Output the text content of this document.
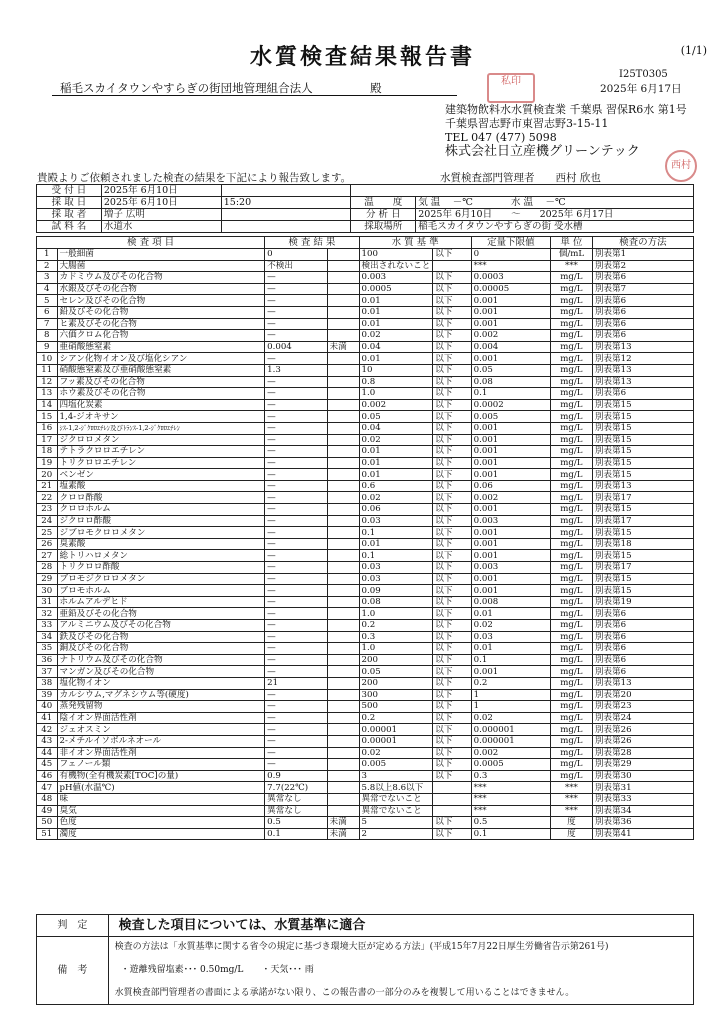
水質検査結果報告書	(1/1)
稲毛スカイタウンやすらぎの街団地管理組合法人　　　　　殿	私印
I25T0305
2025年 6月17日
建築物飲料水水質検査業 千葉県 習保R6水 第1号
千葉県習志野市東習志野3-15-11
TEL 047 (477) 5098
株式会社日立産機グリーンテック
西村
貴殿よりご依頼されました検査の結果を下記により報告致します。	水質検査部門管理者　　西村 欣也
受 付 日	2025年 6月10日			
採 取 日	2025年 6月10日	15:20	温　　度	気 温　 －℃　　　　 水 温　 －℃
採 取 者	増子 広明		分 析 日	2025年 6月10日　　～　　2025年 6月17日
試 料 名	水道水		採取場所	稲毛スカイタウンやすらぎの街 受水槽
検 査 項 目		検 査 結 果		水 質 基 準		定量下限値	単 位	検査の方法
1	一般細菌	0		100	以下	0	個/mL	別表第1
2	大腸菌	不検出		検出されないこと		***	***	別表第2
3	カドミウム及びその化合物	—		0.003	以下	0.0003	mg/L	別表第6
4	水銀及びその化合物	—		0.0005	以下	0.00005	mg/L	別表第7
5	セレン及びその化合物	—		0.01	以下	0.001	mg/L	別表第6
6	鉛及びその化合物	—		0.01	以下	0.001	mg/L	別表第6
7	ヒ素及びその化合物	—		0.01	以下	0.001	mg/L	別表第6
8	六価クロム化合物	—		0.02	以下	0.002	mg/L	別表第6
9	亜硝酸態窒素	0.004	未満	0.04	以下	0.004	mg/L	別表第13
10	シアン化物イオン及び塩化シアン	—		0.01	以下	0.001	mg/L	別表第12
11	硝酸態窒素及び亜硝酸態窒素	1.3		10	以下	0.05	mg/L	別表第13
12	フッ素及びその化合物	—		0.8	以下	0.08	mg/L	別表第13
13	ホウ素及びその化合物	—		1.0	以下	0.1	mg/L	別表第6
14	四塩化炭素	—		0.002	以下	0.0002	mg/L	別表第15
15	1,4-ジオキサン	—		0.05	以下	0.005	mg/L	別表第15
16	ｼｽ-1,2-ｼﾞｸﾛﾛｴﾁﾚﾝ及びﾄﾗﾝｽ-1,2-ｼﾞｸﾛﾛｴﾁﾚﾝ	—		0.04	以下	0.001	mg/L	別表第15
17	ジクロロメタン	—		0.02	以下	0.001	mg/L	別表第15
18	テトラクロロエチレン	—		0.01	以下	0.001	mg/L	別表第15
19	トリクロロエチレン	—		0.01	以下	0.001	mg/L	別表第15
20	ベンゼン	—		0.01	以下	0.001	mg/L	別表第15
21	塩素酸	—		0.6	以下	0.06	mg/L	別表第13
22	クロロ酢酸	—		0.02	以下	0.002	mg/L	別表第17
23	クロロホルム	—		0.06	以下	0.001	mg/L	別表第15
24	ジクロロ酢酸	—		0.03	以下	0.003	mg/L	別表第17
25	ジブロモクロロメタン	—		0.1	以下	0.001	mg/L	別表第15
26	臭素酸	—		0.01	以下	0.001	mg/L	別表第18
27	総トリハロメタン	—		0.1	以下	0.001	mg/L	別表第15
28	トリクロロ酢酸	—		0.03	以下	0.003	mg/L	別表第17
29	ブロモジクロロメタン	—		0.03	以下	0.001	mg/L	別表第15
30	ブロモホルム	—		0.09	以下	0.001	mg/L	別表第15
31	ホルムアルデヒド	—		0.08	以下	0.008	mg/L	別表第19
32	亜鉛及びその化合物	—		1.0	以下	0.01	mg/L	別表第6
33	アルミニウム及びその化合物	—		0.2	以下	0.02	mg/L	別表第6
34	鉄及びその化合物	—		0.3	以下	0.03	mg/L	別表第6
35	銅及びその化合物	—		1.0	以下	0.01	mg/L	別表第6
36	ナトリウム及びその化合物	—		200	以下	0.1	mg/L	別表第6
37	マンガン及びその化合物	—		0.05	以下	0.001	mg/L	別表第6
38	塩化物イオン	21		200	以下	0.2	mg/L	別表第13
39	カルシウム,マグネシウム等(硬度)	—		300	以下	1	mg/L	別表第20
40	蒸発残留物	—		500	以下	1	mg/L	別表第23
41	陰イオン界面活性剤	—		0.2	以下	0.02	mg/L	別表第24
42	ジェオスミン	—		0.00001	以下	0.000001	mg/L	別表第26
43	2-メチルイソボルネオール	—		0.00001	以下	0.000001	mg/L	別表第26
44	非イオン界面活性剤	—		0.02	以下	0.002	mg/L	別表第28
45	フェノール類	—		0.005	以下	0.0005	mg/L	別表第29
46	有機物(全有機炭素[TOC]の量)	0.9		3	以下	0.3	mg/L	別表第30
47	pH値(水温℃)	7.7(22℃)		5.8以上8.6以下		***	***	別表第31
48	味	異常なし		異常でないこと		***	***	別表第33
49	臭気	異常なし		異常でないこと		***	***	別表第34
50	色度	0.5	未満	5	以下	0.5	度	別表第36
51	濁度	0.1	未満	2	以下	0.1	度	別表第41
判　定	検査した項目については、水質基準に適合
備　考	検査の方法は「水質基準に関する省令の規定に基づき環境大臣が定める方法」(平成15年7月22日厚生労働省告示第261号)
・遊離残留塩素･･･ 0.50mg/L　　・天気･･･ 雨
水質検査部門管理者の書面による承諾がない限り、この報告書の一部分のみを複製して用いることはできません。
